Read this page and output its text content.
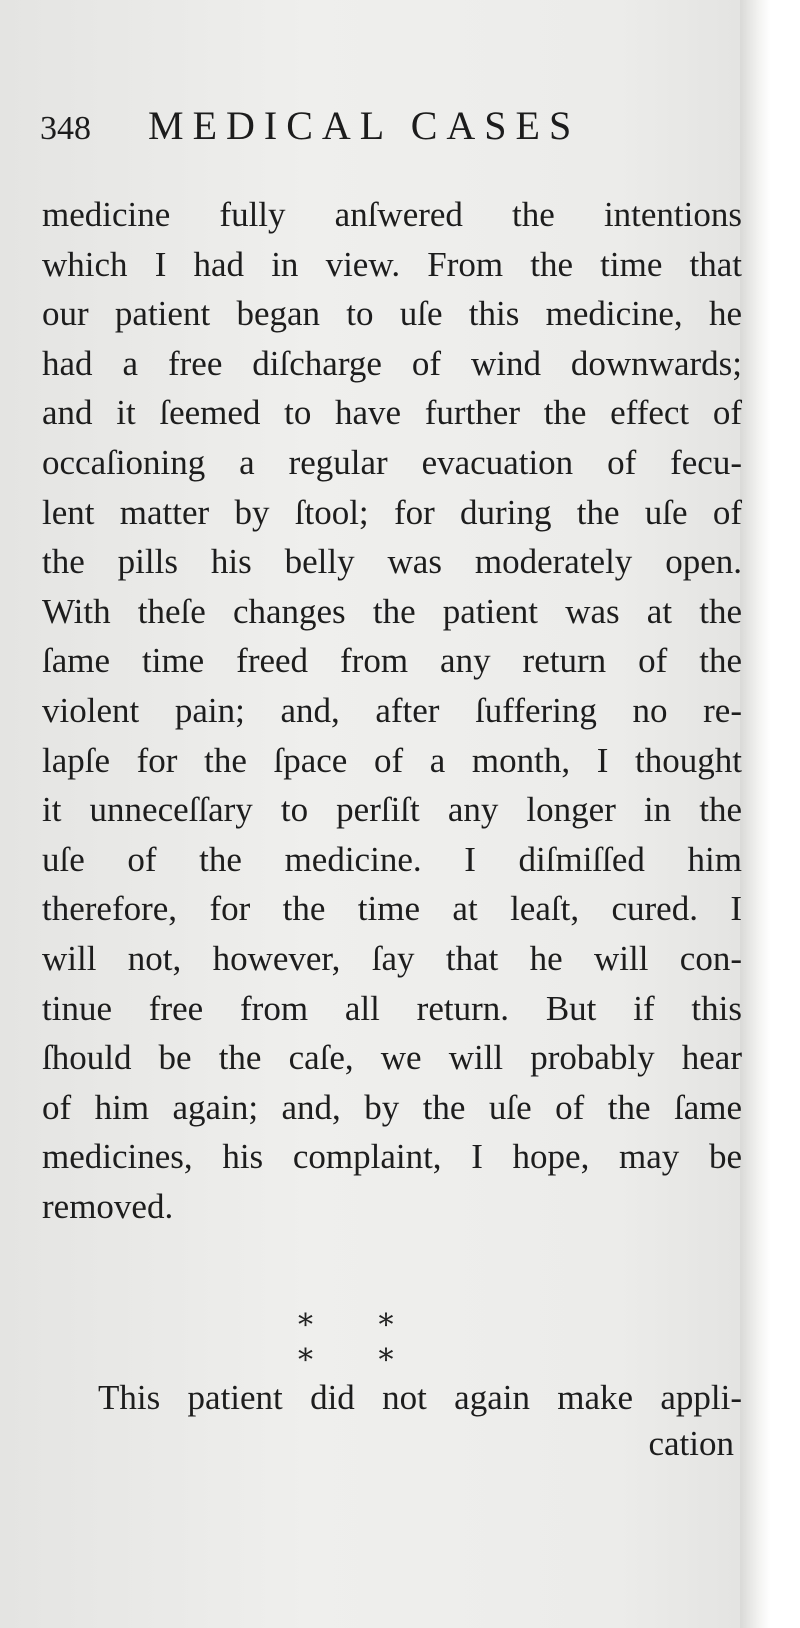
348 MEDICAL CASES
medicine fully anſwered the intentions
which I had in view. From the time that
our patient began to uſe this medicine, he
had a free diſcharge of wind downwards;
and it ſeemed to have further the effect of
occaſioning a regular evacuation of fecu-
lent matter by ſtool; for during the uſe of
the pills his belly was moderately open.
With theſe changes the patient was at the
ſame time freed from any return of the
violent pain; and, after ſuffering no re-
lapſe for the ſpace of a month, I thought
it unneceſſary to perſiſt any longer in the
uſe of the medicine. I diſmiſſed him
therefore, for the time at leaſt, cured. I
will not, however, ſay that he will con-
tinue free from all return. But if this
ſhould be the caſe, we will probably hear
of him again; and, by the uſe of the ſame
medicines, his complaint, I hope, may be
removed.
* * * *
This patient did not again make appli-
cation
